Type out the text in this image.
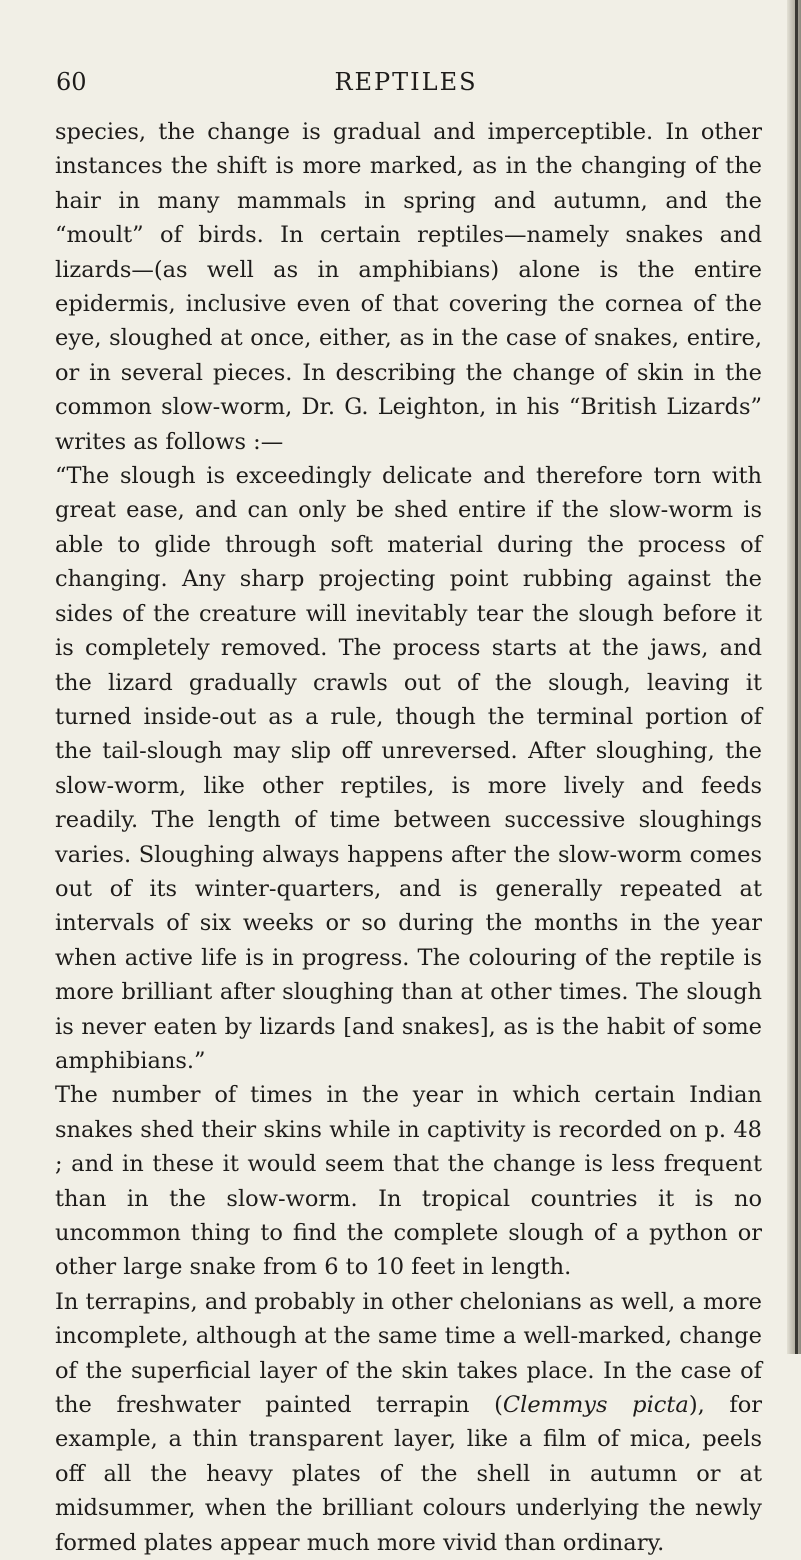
60	REPTILES

species, the change is gradual and imperceptible. In other instances the shift is more marked, as in the changing of the hair in many mammals in spring and autumn, and the “moult” of birds. In certain reptiles—namely snakes and lizards—(as well as in amphibians) alone is the entire epidermis, inclusive even of that covering the cornea of the eye, sloughed at once, either, as in the case of snakes, entire, or in several pieces. In describing the change of skin in the common slow-worm, Dr. G. Leighton, in his “British Lizards” writes as follows :—

“The slough is exceedingly delicate and therefore torn with great ease, and can only be shed entire if the slow-worm is able to glide through soft material during the process of changing. Any sharp projecting point rubbing against the sides of the creature will inevitably tear the slough before it is completely removed. The process starts at the jaws, and the lizard gradually crawls out of the slough, leaving it turned inside-out as a rule, though the terminal portion of the tail-slough may slip off unreversed. After sloughing, the slow-worm, like other reptiles, is more lively and feeds readily. The length of time between successive sloughings varies. Sloughing always happens after the slow-worm comes out of its winter-quarters, and is generally repeated at intervals of six weeks or so during the months in the year when active life is in progress. The colouring of the reptile is more brilliant after sloughing than at other times. The slough is never eaten by lizards [and snakes], as is the habit of some amphibians.”

The number of times in the year in which certain Indian snakes shed their skins while in captivity is recorded on p. 48 ; and in these it would seem that the change is less frequent than in the slow-worm. In tropical countries it is no uncommon thing to find the complete slough of a python or other large snake from 6 to 10 feet in length.

In terrapins, and probably in other chelonians as well, a more incomplete, although at the same time a well-marked, change of the superficial layer of the skin takes place. In the case of the freshwater painted terrapin (Clemmys picta), for example, a thin transparent layer, like a film of mica, peels off all the heavy plates of the shell in autumn or at midsummer, when the brilliant colours underlying the newly formed plates appear much more vivid than ordinary.
